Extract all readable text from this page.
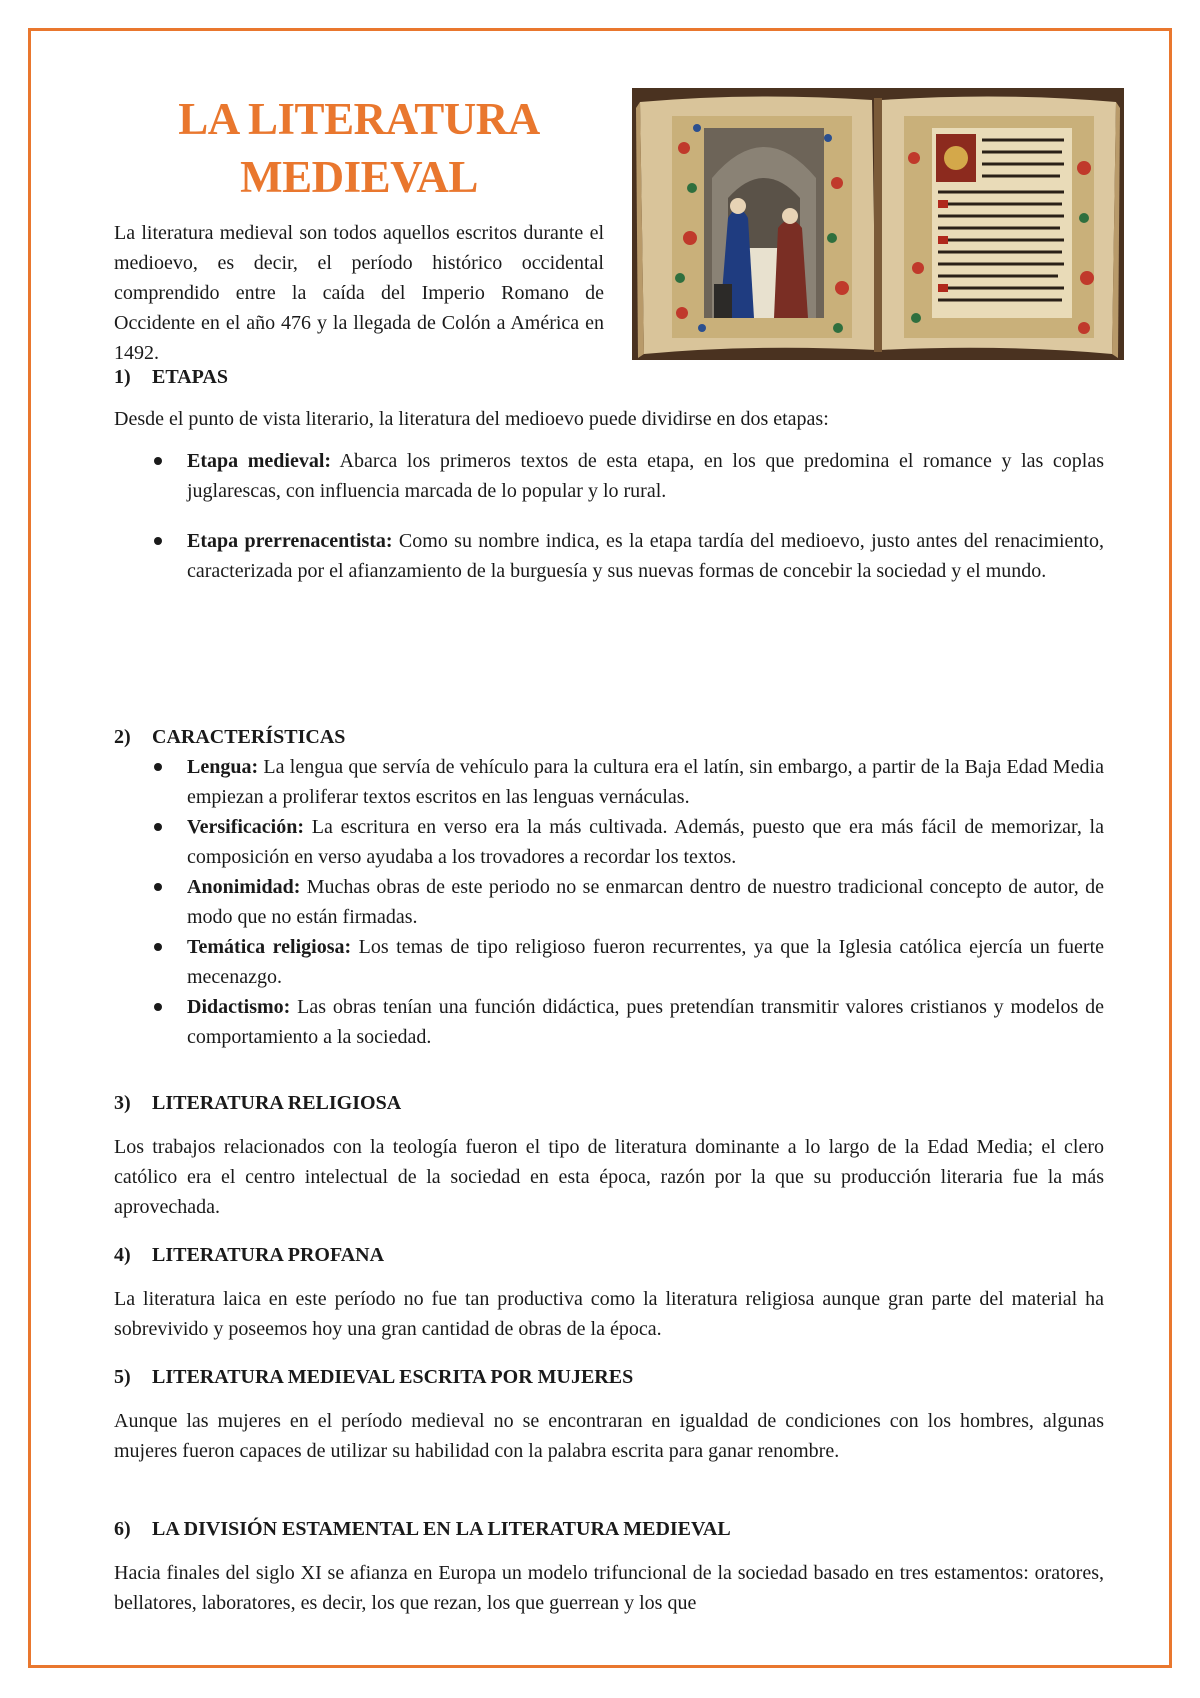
LA LITERATURA MEDIEVAL

La literatura medieval son todos aquellos escritos durante el medioevo, es decir, el período histórico occidental comprendido entre la caída del Imperio Romano de Occidente en el año 476 y la llegada de Colón a América en 1492.

1) ETAPAS

Desde el punto de vista literario, la literatura del medioevo puede dividirse en dos etapas:

Etapa medieval: Abarca los primeros textos de esta etapa, en los que predomina el romance y las coplas juglarescas, con influencia marcada de lo popular y lo rural.
Etapa prerrenacentista: Como su nombre indica, es la etapa tardía del medioevo, justo antes del renacimiento, caracterizada por el afianzamiento de la burguesía y sus nuevas formas de concebir la sociedad y el mundo.
2) CARACTERÍSTICAS
Lengua: La lengua que servía de vehículo para la cultura era el latín, sin embargo, a partir de la Baja Edad Media empiezan a proliferar textos escritos en las lenguas vernáculas.
Versificación: La escritura en verso era la más cultivada. Además, puesto que era más fácil de memorizar, la composición en verso ayudaba a los trovadores a recordar los textos.
Anonimidad: Muchas obras de este periodo no se enmarcan dentro de nuestro tradicional concepto de autor, de modo que no están firmadas.
Temática religiosa: Los temas de tipo religioso fueron recurrentes, ya que la Iglesia católica ejercía un fuerte mecenazgo.
Didactismo: Las obras tenían una función didáctica, pues pretendían transmitir valores cristianos y modelos de comportamiento a la sociedad.
3) LITERATURA RELIGIOSA

Los trabajos relacionados con la teología fueron el tipo de literatura dominante a lo largo de la Edad Media; el clero católico era el centro intelectual de la sociedad en esta época, razón por la que su producción literaria fue la más aprovechada.

4) LITERATURA PROFANA

La literatura laica en este período no fue tan productiva como la literatura religiosa aunque gran parte del material ha sobrevivido y poseemos hoy una gran cantidad de obras de la época.

5) LITERATURA MEDIEVAL ESCRITA POR MUJERES

Aunque las mujeres en el período medieval no se encontraran en igualdad de condiciones con los hombres, algunas mujeres fueron capaces de utilizar su habilidad con la palabra escrita para ganar renombre.

6) LA DIVISIÓN ESTAMENTAL EN LA LITERATURA MEDIEVAL

Hacia finales del siglo XI se afianza en Europa un modelo trifuncional de la sociedad basado en tres estamentos: oratores, bellatores, laboratores, es decir, los que rezan, los que guerrean y los que
